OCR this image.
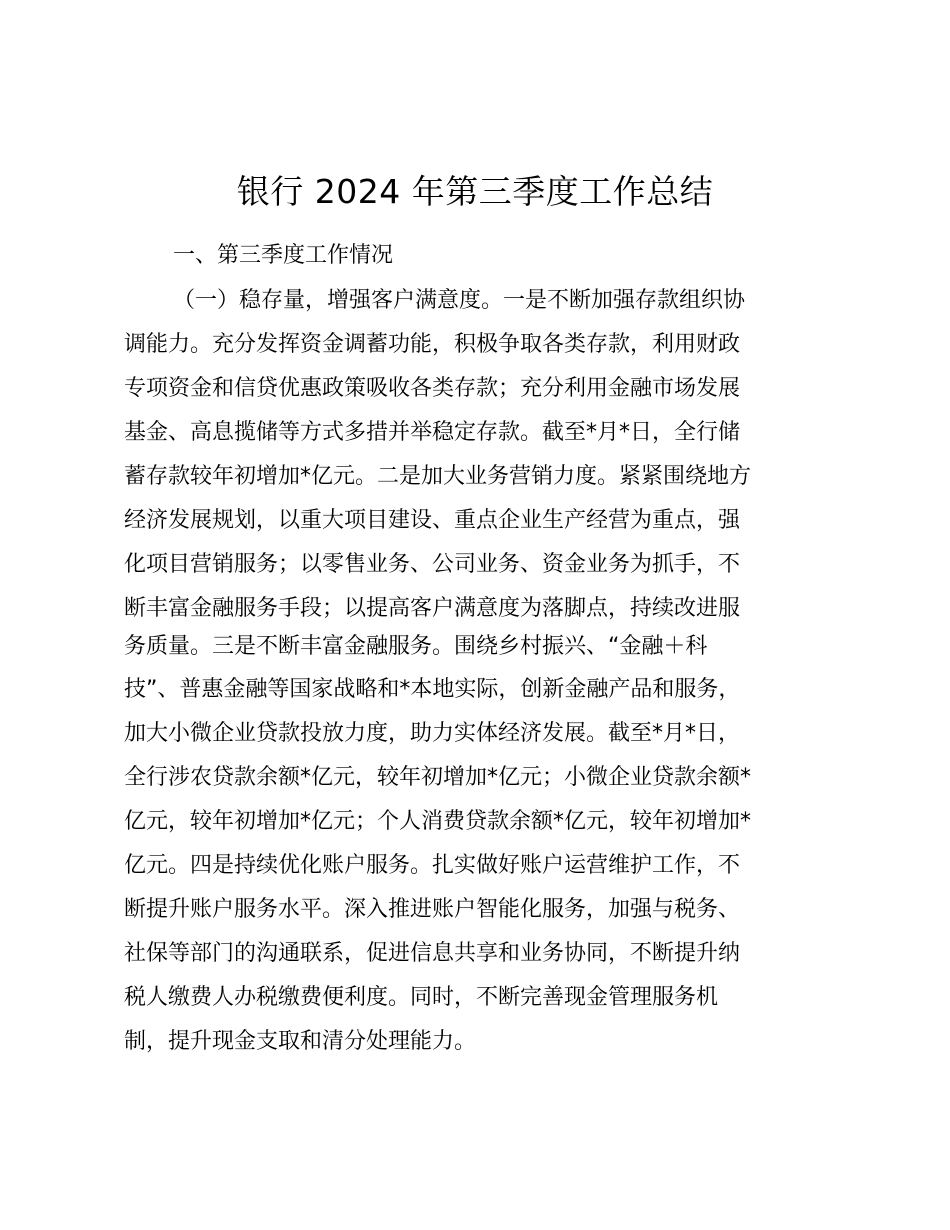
银行 2024 年第三季度工作总结
一、第三季度工作情况
（一）稳存量，增强客户满意度。一是不断加强存款组织协
调能力。充分发挥资金调蓄功能，积极争取各类存款，利用财政
专项资金和信贷优惠政策吸收各类存款；充分利用金融市场发展
基金、高息揽储等方式多措并举稳定存款。截至*月*日，全行储
蓄存款较年初增加*亿元。二是加大业务营销力度。紧紧围绕地方
经济发展规划，以重大项目建设、重点企业生产经营为重点，强
化项目营销服务；以零售业务、公司业务、资金业务为抓手，不
断丰富金融服务手段；以提高客户满意度为落脚点，持续改进服
务质量。三是不断丰富金融服务。围绕乡村振兴、“金融＋科
技”、普惠金融等国家战略和*本地实际，创新金融产品和服务，
加大小微企业贷款投放力度，助力实体经济发展。截至*月*日，
全行涉农贷款余额*亿元，较年初增加*亿元；小微企业贷款余额*
亿元，较年初增加*亿元；个人消费贷款余额*亿元，较年初增加*
亿元。四是持续优化账户服务。扎实做好账户运营维护工作，不
断提升账户服务水平。深入推进账户智能化服务，加强与税务、
社保等部门的沟通联系，促进信息共享和业务协同，不断提升纳
税人缴费人办税缴费便利度。同时，不断完善现金管理服务机
制，提升现金支取和清分处理能力。
